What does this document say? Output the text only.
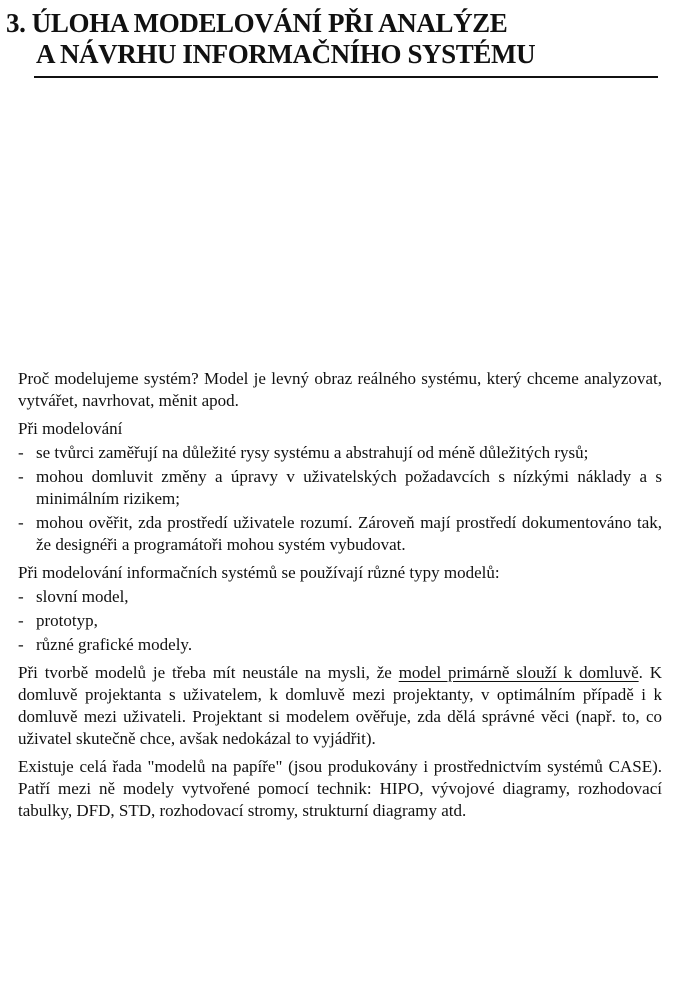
3. ÚLOHA MODELOVÁNÍ PŘI ANALÝZE
A NÁVRHU INFORMAČNÍHO SYSTÉMU

Proč modelujeme systém? Model je levný obraz reálného systému, který chceme analyzovat, vytvářet, navrhovat, měnit apod.

Při modelování

- se tvůrci zaměřují na důležité rysy systému a abstrahují od méně důležitých rysů;
- mohou domluvit změny a úpravy v uživatelských požadavcích s nízkými náklady a s minimálním rizikem;
- mohou ověřit, zda prostředí uživatele rozumí. Zároveň mají prostředí dokumentováno tak, že designéři a programátoři mohou systém vybudovat.

Při modelování informačních systémů se používají různé typy modelů:

- slovní model,
- prototyp,
- různé grafické modely.

Při tvorbě modelů je třeba mít neustále na mysli, že model primárně slouží k domluvě. K domluvě projektanta s uživatelem, k domluvě mezi projektanty, v optimálním případě i k domluvě mezi uživateli. Projektant si modelem ověřuje, zda dělá správné věci (např. to, co uživatel skutečně chce, avšak nedokázal to vyjádřit).

Existuje celá řada "modelů na papíře" (jsou produkovány i prostřednictvím systémů CASE). Patří mezi ně modely vytvořené pomocí technik: HIPO, vývojové diagramy, rozhodovací tabulky, DFD, STD, rozhodovací stromy, strukturní diagramy atd.
